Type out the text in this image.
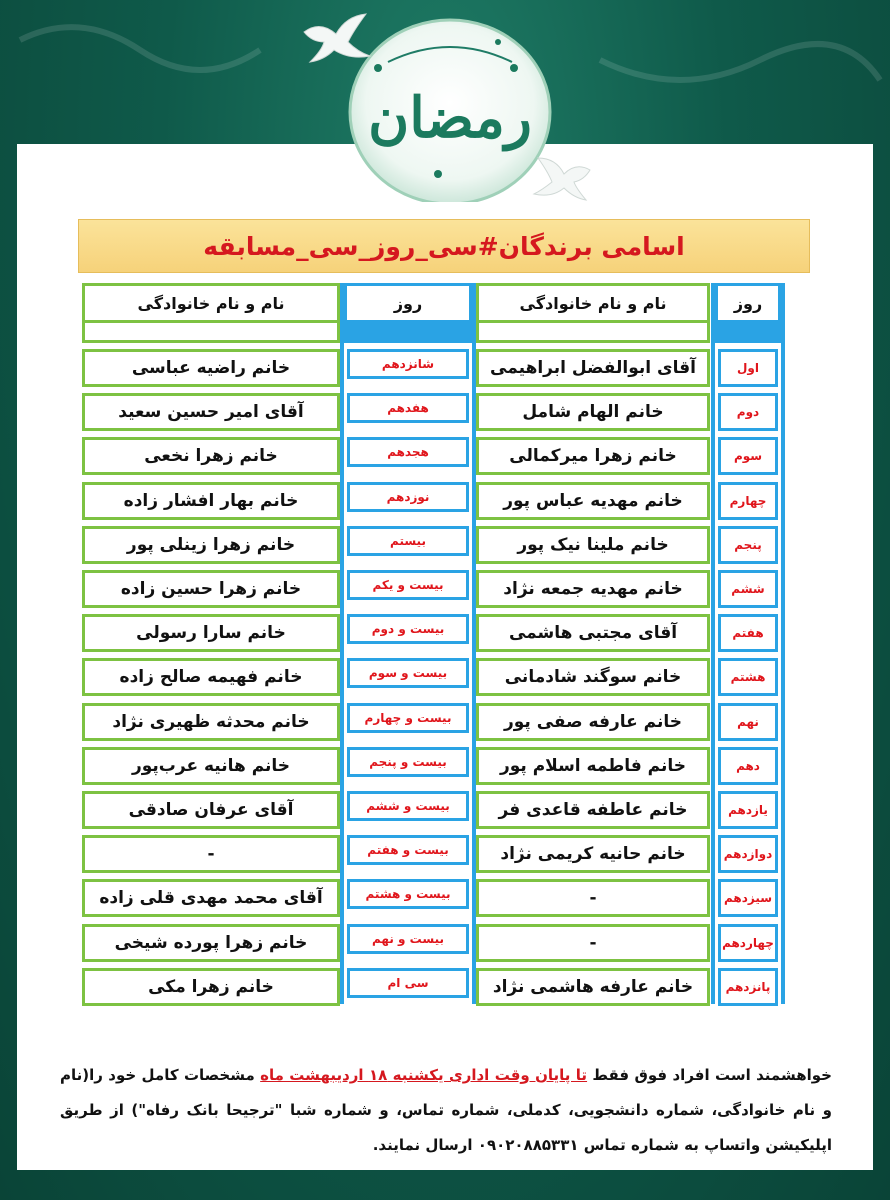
رمضان
اسامی برندگان#سی_روز_سی_مسابقه
روز
نام و نام خانوادگی
روز
نام و نام خانوادگی
اول
آقای ابوالفضل ابراهیمی
دوم
خانم الهام شامل
سوم
خانم زهرا میرکمالی
چهارم
خانم مهدیه عباس پور
پنجم
خانم ملینا نیک پور
ششم
خانم مهدیه جمعه نژاد
هفتم
آقای مجتبی هاشمی
هشتم
خانم سوگند شادمانی
نهم
خانم عارفه صفی پور
دهم
خانم فاطمه اسلام پور
یازدهم
خانم عاطفه قاعدی فر
دوازدهم
خانم حانیه کریمی نژاد
سیزدهم
-
چهاردهم
-
پانزدهم
خانم عارفه هاشمی نژاد
شانزدهم
خانم راضیه عباسی
هفدهم
آقای امیر حسین سعید
هجدهم
خانم زهرا نخعی
نوزدهم
خانم بهار افشار زاده
بیستم
خانم زهرا زینلی پور
بیست و یکم
خانم زهرا حسین زاده
بیست و دوم
خانم سارا رسولی
بیست و سوم
خانم فهیمه صالح زاده
بیست و چهارم
خانم محدثه ظهیری نژاد
بیست و پنجم
خانم هانیه عرب‌پور
بیست و ششم
آقای عرفان صادقی
بیست و هفتم
-
بیست و هشتم
آقای محمد مهدی قلی زاده
بیست و نهم
خانم زهرا پورده شیخی
سی ام
خانم زهرا مکی
خواهشمند است افراد فوق فقط تا پایان وقت اداری یکشنبه ۱۸ اردیبهشت ماه مشخصات کامل خود را(نام و نام خانوادگی، شماره دانشجویی، کدملی، شماره تماس، و شماره شبا "ترجیحا بانک رفاه") از طریق اپلیکیشن واتساپ به شماره تماس ۰۹۰۲۰۸۸۵۳۳۱ ارسال نمایند.
